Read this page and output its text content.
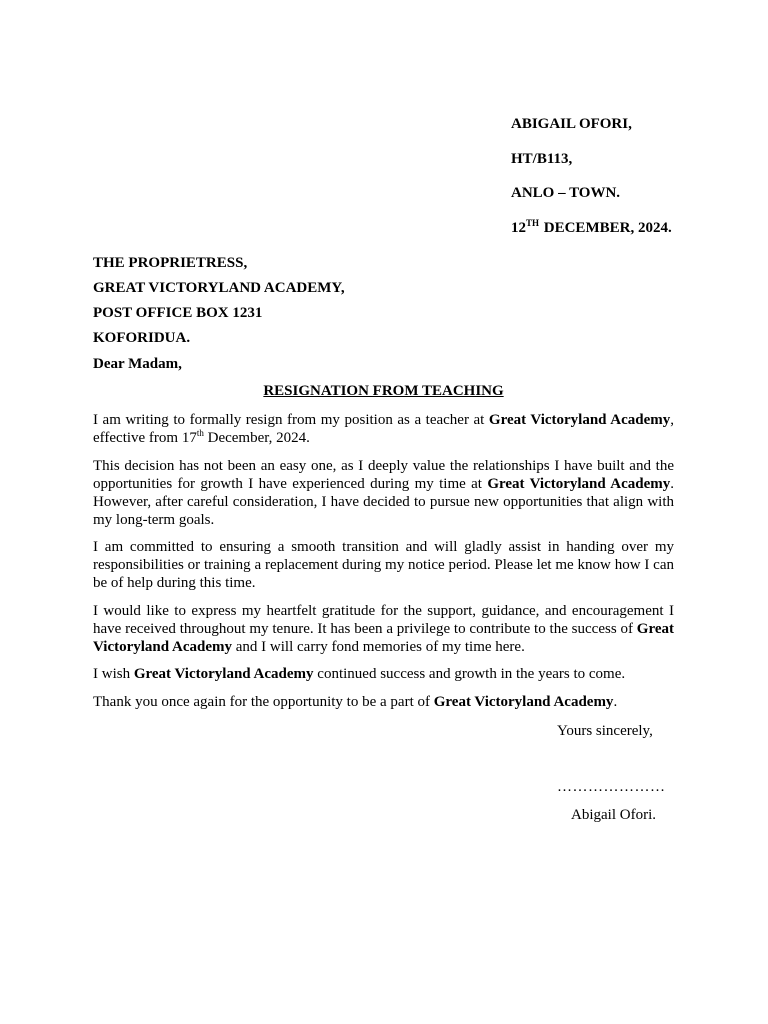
ABIGAIL OFORI,
HT/B113,
ANLO – TOWN.
12TH DECEMBER, 2024.
THE PROPRIETRESS,
GREAT VICTORYLAND ACADEMY,
POST OFFICE BOX 1231
KOFORIDUA.
Dear Madam,
RESIGNATION FROM TEACHING

I am writing to formally resign from my position as a teacher at Great Victoryland Academy, effective from 17th December, 2024.

This decision has not been an easy one, as I deeply value the relationships I have built and the opportunities for growth I have experienced during my time at Great Victoryland Academy. However, after careful consideration, I have decided to pursue new opportunities that align with my long-term goals.

I am committed to ensuring a smooth transition and will gladly assist in handing over my responsibilities or training a replacement during my notice period. Please let me know how I can be of help during this time.

I would like to express my heartfelt gratitude for the support, guidance, and encouragement I have received throughout my tenure. It has been a privilege to contribute to the success of Great Victoryland Academy and I will carry fond memories of my time here.

I wish Great Victoryland Academy continued success and growth in the years to come.

Thank you once again for the opportunity to be a part of Great Victoryland Academy.

Yours sincerely,
…………………
Abigail Ofori.
